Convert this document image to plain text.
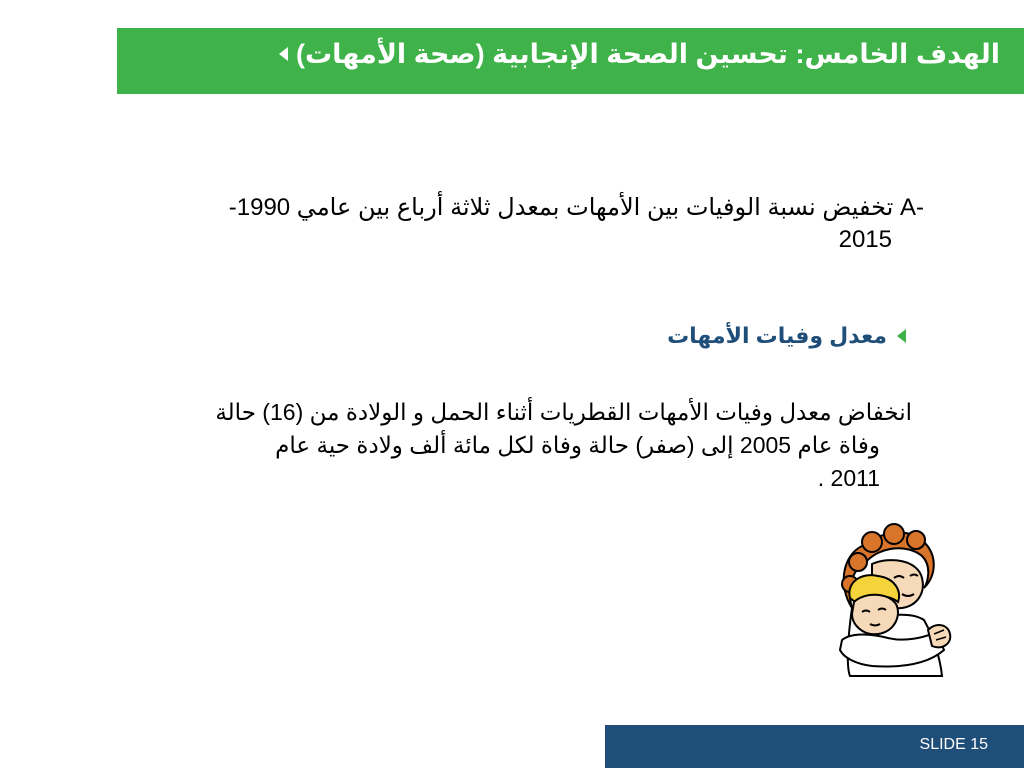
الهدف الخامس: تحسين الصحة الإنجابية (صحة الأمهات)
A- تخفيض نسبة الوفيات بين الأمهات بمعدل ثلاثة أرباع بين عامي 1990-
2015
معدل وفيات الأمهات
انخفاض معدل وفيات الأمهات القطريات أثناء الحمل و الولادة من (16) حالة
وفاة عام 2005 إلى (صفر) حالة وفاة لكل مائة ألف ولادة حية عام
2011 .
SLIDE 15
